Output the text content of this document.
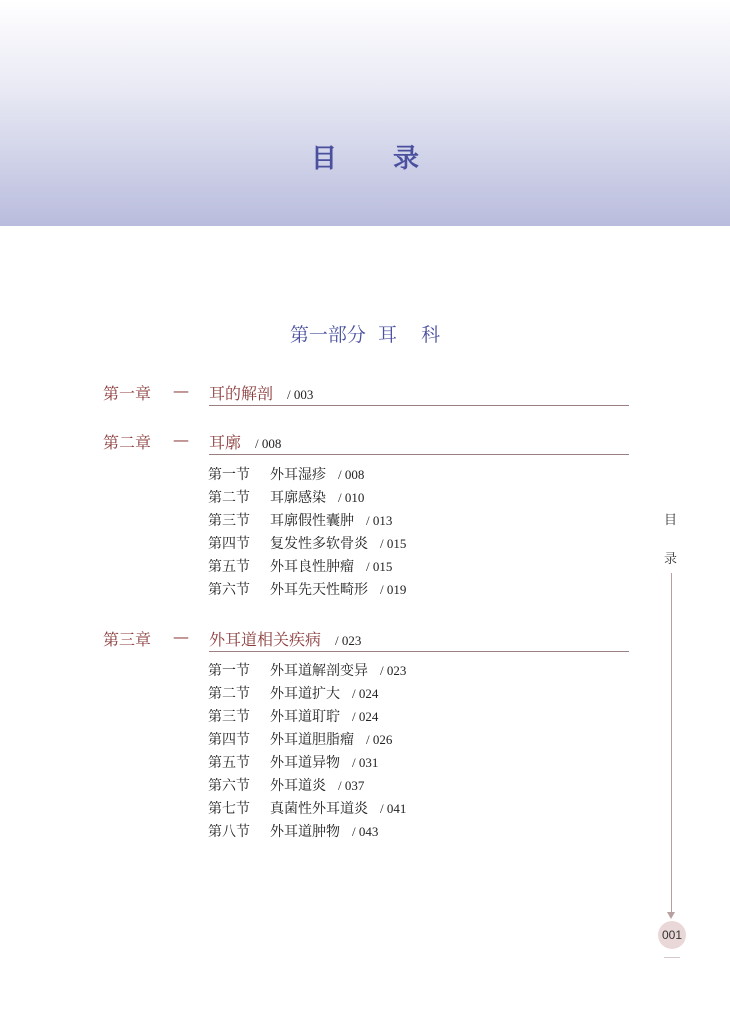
目录
第一部分  耳    科
第一章 — 耳的解剖 / 003
第二章 — 耳廓 / 008
第一节 外耳湿疹 / 008
第二节 耳廓感染 / 010
第三节 耳廓假性囊肿 / 013
第四节 复发性多软骨炎 / 015
第五节 外耳良性肿瘤 / 015
第六节 外耳先天性畸形 / 019
第三章 — 外耳道相关疾病 / 023
第一节 外耳道解剖变异 / 023
第二节 外耳道扩大 / 024
第三节 外耳道耵聍 / 024
第四节 外耳道胆脂瘤 / 026
第五节 外耳道异物 / 031
第六节 外耳道炎 / 037
第七节 真菌性外耳道炎 / 041
第八节 外耳道肿物 / 043
目
录
001
